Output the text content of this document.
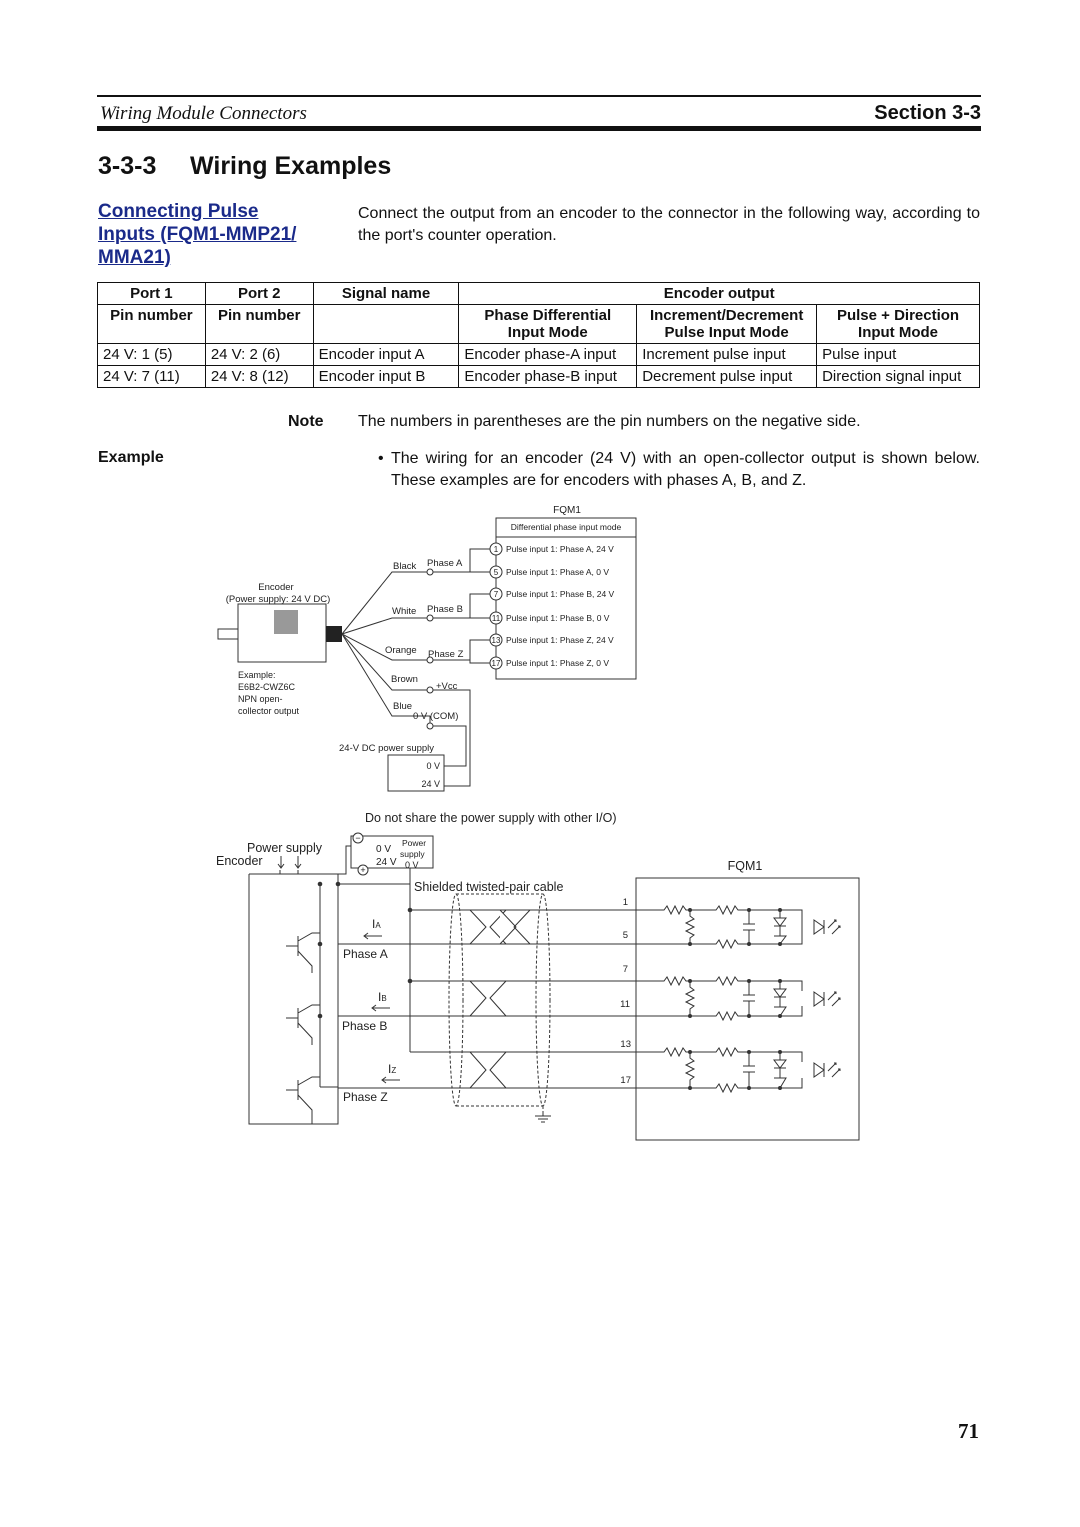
Wiring Module Connectors	Section 3-3
3-3-3 Wiring Examples
Connecting Pulse
Inputs (FQM1-MMP21/
MMA21)
Connect the output from an encoder to the connector in the following way, according to the port's counter operation.
Port 1	Port 2	Signal name	Encoder output		
Pin number	Pin number		Phase Differential Input Mode	Increment/Decrement Pulse Input Mode	Pulse + Direction Input Mode
24 V: 1 (5)	24 V: 2 (6)	Encoder input A	Encoder phase-A input	Increment pulse input	Pulse input
24 V: 7 (11)	24 V: 8 (12)	Encoder input B	Encoder phase-B input	Decrement pulse input	Direction signal input
Note The numbers in parentheses are the pin numbers on the negative side.
Example	• The wiring for an encoder (24 V) with an open-collector output is shown below. These examples are for encoders with phases A, B, and Z.
FQM1
Differential phase input mode
1 Pulse input 1: Phase A, 24 V
5 Pulse input 1: Phase A, 0 V
7 Pulse input 1: Phase B, 24 V
11 Pulse input 1: Phase B, 0 V
13 Pulse input 1: Phase Z, 24 V
17 Pulse input 1: Phase Z, 0 V
Encoder
(Power supply: 24 V DC)
Example:
E6B2-CWZ6C
NPN open-
collector output
Black Phase A
White Phase B
Orange Phase Z
Brown
+Vcc
Blue
0 V (COM)
24-V DC power supply
0 V
24 V
Do not share the power supply with other I/O)
Power supply
Encoder
−
+
0 V
24 V
Power
supply
0 V
IA
Phase A
IB
Phase B
IZ
Phase Z
Shielded twisted-pair cable
FQM1
1
5
7
11
13
17
71
